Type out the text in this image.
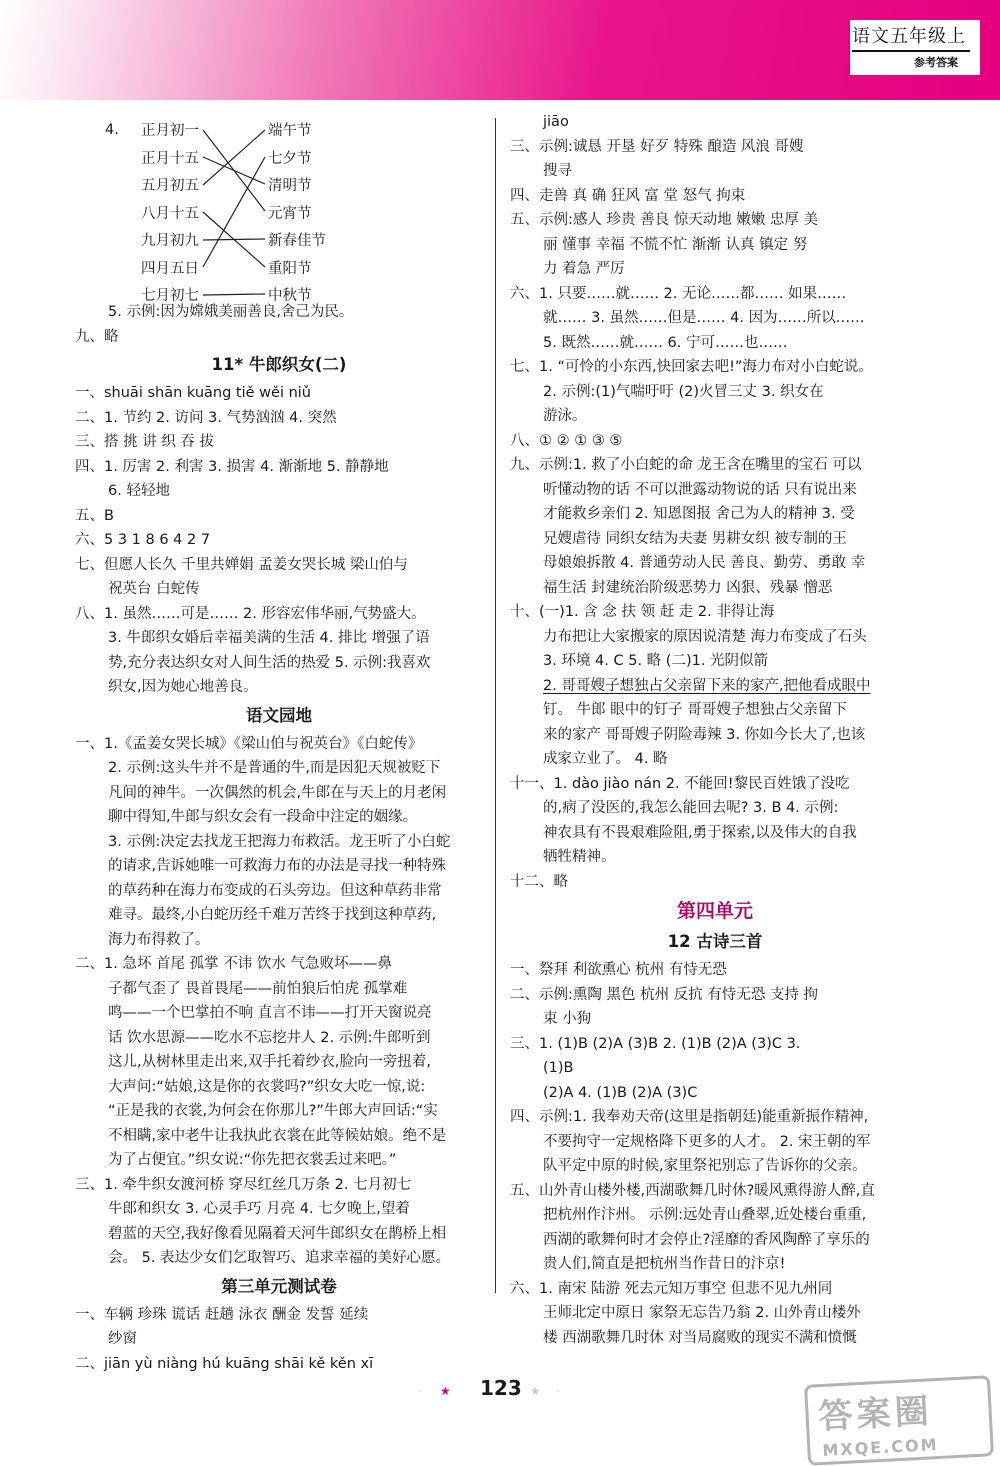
语文五年级上
参考答案
4. 正月初一
正月十五
五月初五
八月十五
九月初九
四月五日
七月初七
端午节
七夕节
清明节
元宵节
新春佳节
重阳节
中秋节

5. 示例:因为嫦娥美丽善良,舍己为民。

九、略

11* 牛郎织女(二)

一、shuāi shān kuāng tiě wěi niǔ

二、1. 节约 2. 访问 3. 气势汹汹 4. 突然

三、搭 挑 讲 织 吞 拔

四、1. 厉害 2. 利害 3. 损害 4. 渐渐地 5. 静静地

6. 轻轻地

五、B

六、5 3 1 8 6 4 2 7

七、但愿人长久 千里共婵娟 孟姜女哭长城 梁山伯与

祝英台 白蛇传

八、1. 虽然……可是…… 2. 形容宏伟华丽,气势盛大。

3. 牛郎织女婚后幸福美满的生活 4. 排比 增强了语

势,充分表达织女对人间生活的热爱 5. 示例:我喜欢

织女,因为她心地善良。

语文园地

一、1.《孟姜女哭长城》《梁山伯与祝英台》《白蛇传》

2. 示例:这头牛并不是普通的牛,而是因犯天规被贬下

凡间的神牛。一次偶然的机会,牛郎在与天上的月老闲

聊中得知,牛郎与织女会有一段命中注定的姻缘。

3. 示例:决定去找龙王把海力布救活。龙王听了小白蛇

的请求,告诉她唯一可救海力布的办法是寻找一种特殊

的草药种在海力布变成的石头旁边。但这种草药非常

难寻。最终,小白蛇历经千难万苦终于找到这种草药,

海力布得救了。

二、1. 急坏 首尾 孤掌 不讳 饮水 气急败坏——鼻

子都气歪了 畏首畏尾——前怕狼后怕虎 孤掌难

鸣——一个巴掌拍不响 直言不讳——打开天窗说亮

话 饮水思源——吃水不忘挖井人 2. 示例:牛郎听到

这儿,从树林里走出来,双手托着纱衣,脸向一旁扭着,

大声问:“姑娘,这是你的衣裳吗?”织女大吃一惊,说:

“正是我的衣裳,为何会在你那儿?”牛郎大声回话:“实

不相瞒,家中老牛让我执此衣裳在此等候姑娘。绝不是

为了占便宜。”织女说:“你先把衣裳丢过来吧。”

三、1. 牵牛织女渡河桥 穿尽红丝几万条 2. 七月初七

牛郎和织女 3. 心灵手巧 月亮 4. 七夕晚上,望着

碧蓝的天空,我好像看见隔着天河牛郎织女在鹊桥上相

会。 5. 表达少女们乞取智巧、追求幸福的美好心愿。

第三单元测试卷

一、车辆 珍珠 谎话 赶趟 泳衣 酬金 发誓 延续

纱窗

二、jiān yù niàng hú kuāng shāi kě kěn xī

jiāo

三、示例:诚恳 开垦 好歹 特殊 酿造 风浪 哥嫂

搜寻

四、走兽 真 确 狂风 富 堂 怒气 拘束

五、示例:感人 珍贵 善良 惊天动地 嫩嫩 忠厚 美

丽 懂事 幸福 不慌不忙 渐渐 认真 镇定 努

力 着急 严厉

六、1. 只要……就…… 2. 无论……都…… 如果……

就…… 3. 虽然……但是…… 4. 因为……所以……

5. 既然……就…… 6. 宁可……也……

七、1. “可怜的小东西,快回家去吧!”海力布对小白蛇说。

2. 示例:(1)气喘吁吁 (2)火冒三丈 3. 织女在

游泳。

八、① ② ① ③ ⑤

九、示例:1. 救了小白蛇的命 龙王含在嘴里的宝石 可以

听懂动物的话 不可以泄露动物说的话 只有说出来

才能救乡亲们 2. 知恩图报 舍己为人的精神 3. 受

兄嫂虐待 同织女结为夫妻 男耕女织 被专制的王

母娘娘拆散 4. 普通劳动人民 善良、勤劳、勇敢 幸

福生活 封建统治阶级恶势力 凶狠、残暴 憎恶

十、(一)1. 含 念 扶 领 赶 走 2. 非得让海

力布把让大家搬家的原因说清楚 海力布变成了石头

3. 环境 4. C 5. 略 (二)1. 光阴似箭

2. 哥哥嫂子想独占父亲留下来的家产,把他看成眼中

钉。 牛郎 眼中的钉子 哥哥嫂子想独占父亲留下

来的家产 哥哥嫂子阴险毒辣 3. 你如今长大了,也该

成家立业了。 4. 略

十一、1. dào jiào nán 2. 不能回!黎民百姓饿了没吃

的,病了没医的,我怎么能回去呢? 3. B 4. 示例:

神农具有不畏艰难险阻,勇于探索,以及伟大的自我

牺牲精神。

十二、略

第四单元
12 古诗三首

一、祭拜 利欲熏心 杭州 有恃无恐

二、示例:熏陶 黑色 杭州 反抗 有恃无恐 支持 拘

束 小狗

三、1. (1)B (2)A (3)B 2. (1)B (2)A (3)C 3.

(1)B

(2)A 4. (1)B (2)A (3)C

四、示例:1. 我奉劝天帝(这里是指朝廷)能重新振作精神,

不要拘守一定规格降下更多的人才。 2. 宋王朝的军

队平定中原的时候,家里祭祀别忘了告诉你的父亲。

五、山外青山楼外楼,西湖歌舞几时休?暖风熏得游人醉,直

把杭州作汴州。 示例:远处青山叠翠,近处楼台重重,

西湖的歌舞何时才会停止?淫靡的香风陶醉了享乐的

贵人们,简直是把杭州当作昔日的汴京!

六、1. 南宋 陆游 死去元知万事空 但悲不见九州同

王师北定中原日 家祭无忘告乃翁 2. 山外青山楼外

楼 西湖歌舞几时休 对当局腐败的现实不满和愤慨

★
·	123 ★ ·
答案圈
MXQE.COM
